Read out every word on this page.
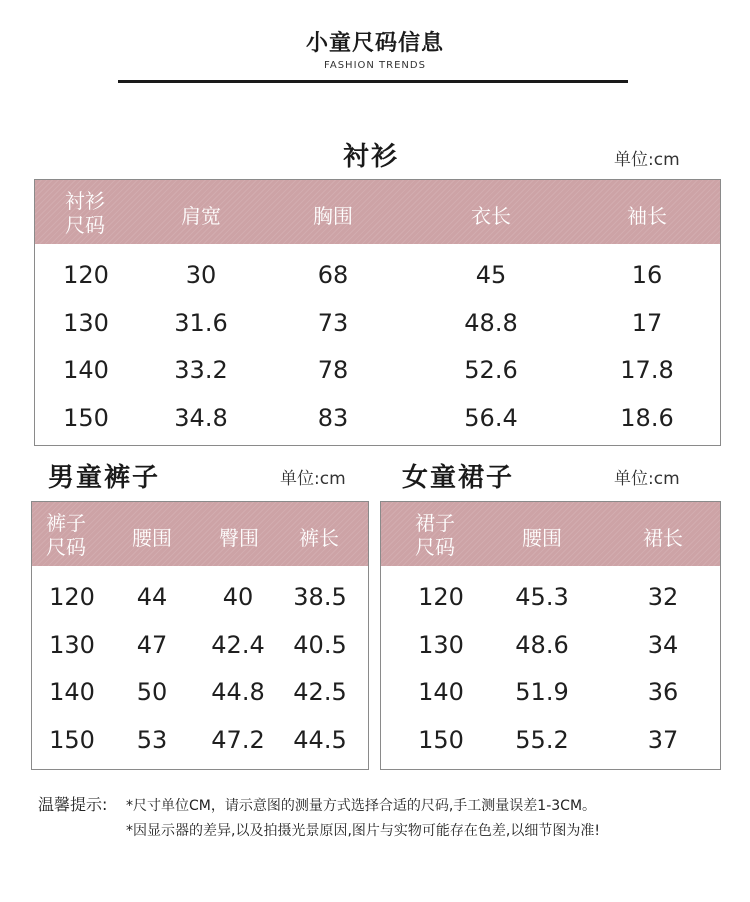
小童尺码信息
FASHION TRENDS
衬衫	单位:cm
衬衫
尺码	肩宽	胸围	衣长	袖长
120	30	68	45	16
130	31.6	73	48.8	17
140	33.2	78	52.6	17.8
150	34.8	83	56.4	18.6
男童裤子	单位:cm
裤子
尺码	腰围	臀围	裤长
120	44	40	38.5
130	47	42.4	40.5
140	50	44.8	42.5
150	53	47.2	44.5
女童裙子	单位:cm
裙子
尺码	腰围	裙长
120	45.3	32
130	48.6	34
140	51.9	36
150	55.2	37
温馨提示: *尺寸单位CM，请示意图的测量方式选择合适的尺码,手工测量误差1-3CM。
*因显示器的差异,以及拍摄光景原因,图片与实物可能存在色差,以细节图为准!
